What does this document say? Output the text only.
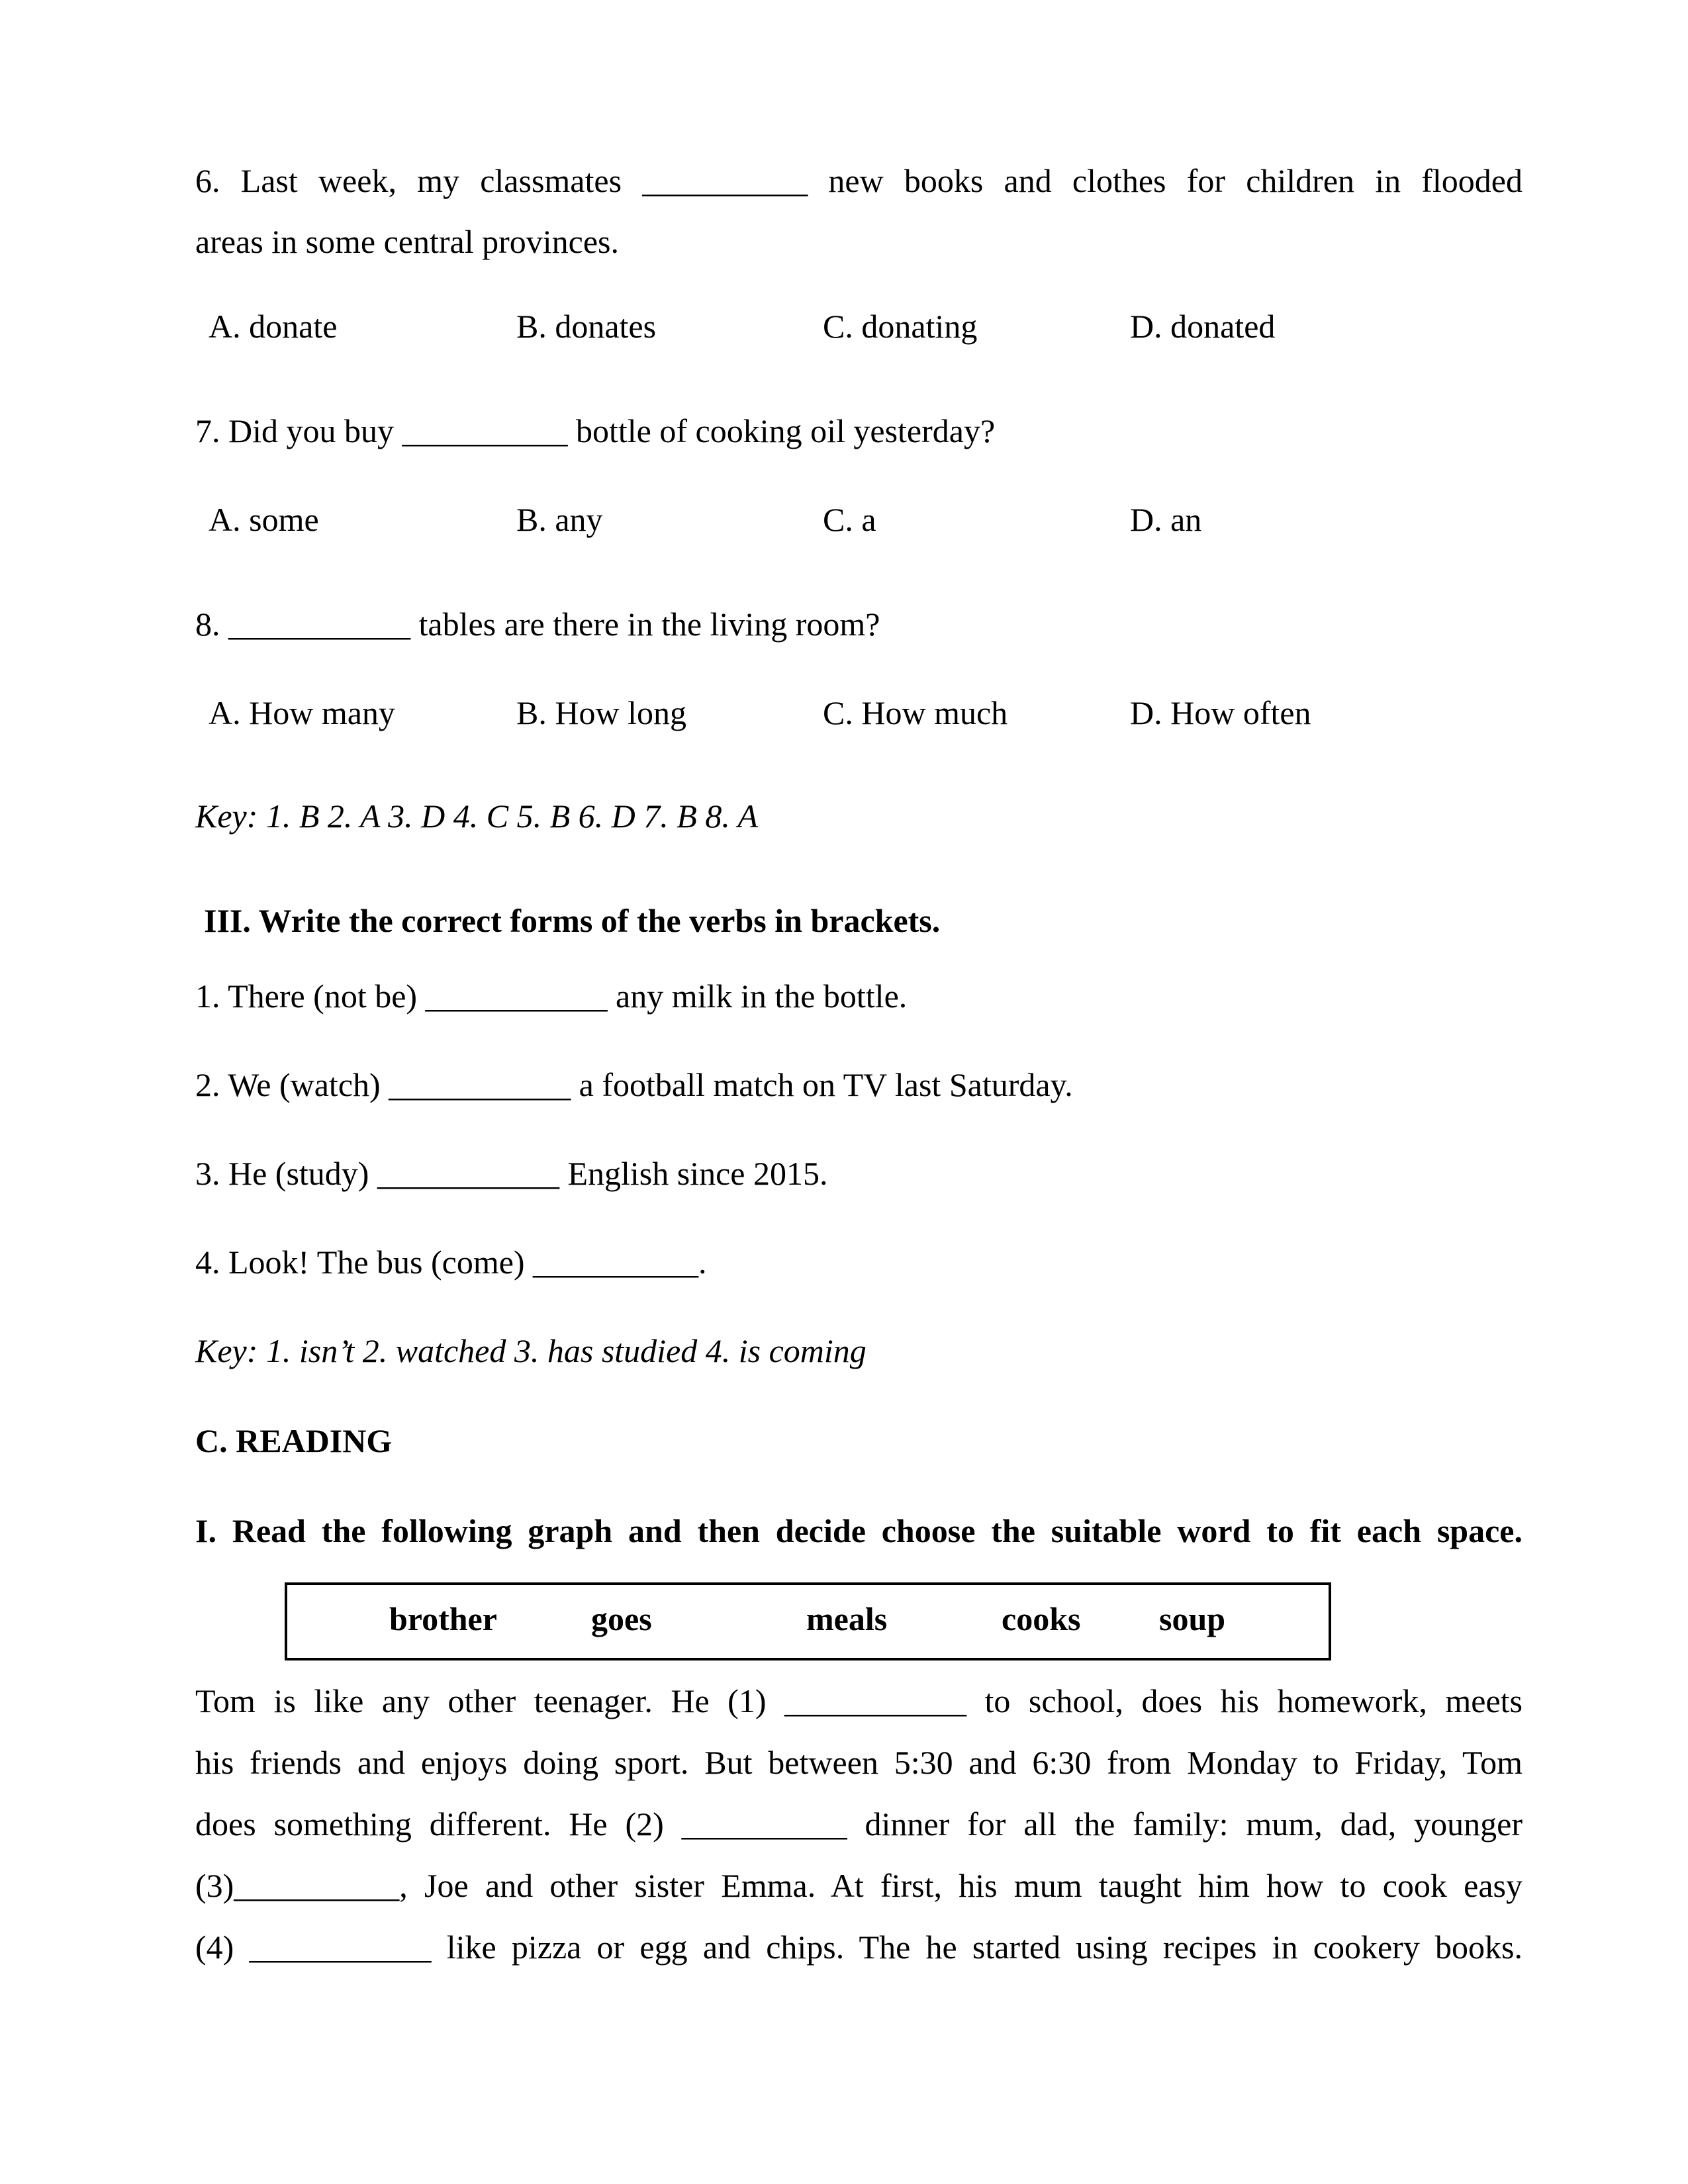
6. Last week, my classmates __________ new books and clothes for children in flooded
areas in some central provinces.
A. donate	B. donates	C. donating	D. donated
7. Did you buy __________ bottle of cooking oil yesterday?
A. some	B. any	C. a	D. an
8. ___________ tables are there in the living room?
A. How many	B. How long	C. How much	D. How often
Key: 1. B 2. A 3. D 4. C 5. B 6. D 7. B 8. A
III. Write the correct forms of the verbs in brackets.
1. There (not be) ___________ any milk in the bottle.
2. We (watch) ___________ a football match on TV last Saturday.
3. He (study) ___________ English since 2015.
4. Look! The bus (come) __________.
Key: 1. isn’t 2. watched 3. has studied 4. is coming
C. READING
I. Read the following graph and then decide choose the suitable word to fit each space.
brother	goes	meals	cooks soup
Tom is like any other teenager. He (1) ___________ to school, does his homework, meets
his friends and enjoys doing sport. But between 5:30 and 6:30 from Monday to Friday, Tom
does something different. He (2) __________ dinner for all the family: mum, dad, younger
(3)__________, Joe and other sister Emma. At first, his mum taught him how to cook easy
(4) ___________ like pizza or egg and chips. The he started using recipes in cookery books.
